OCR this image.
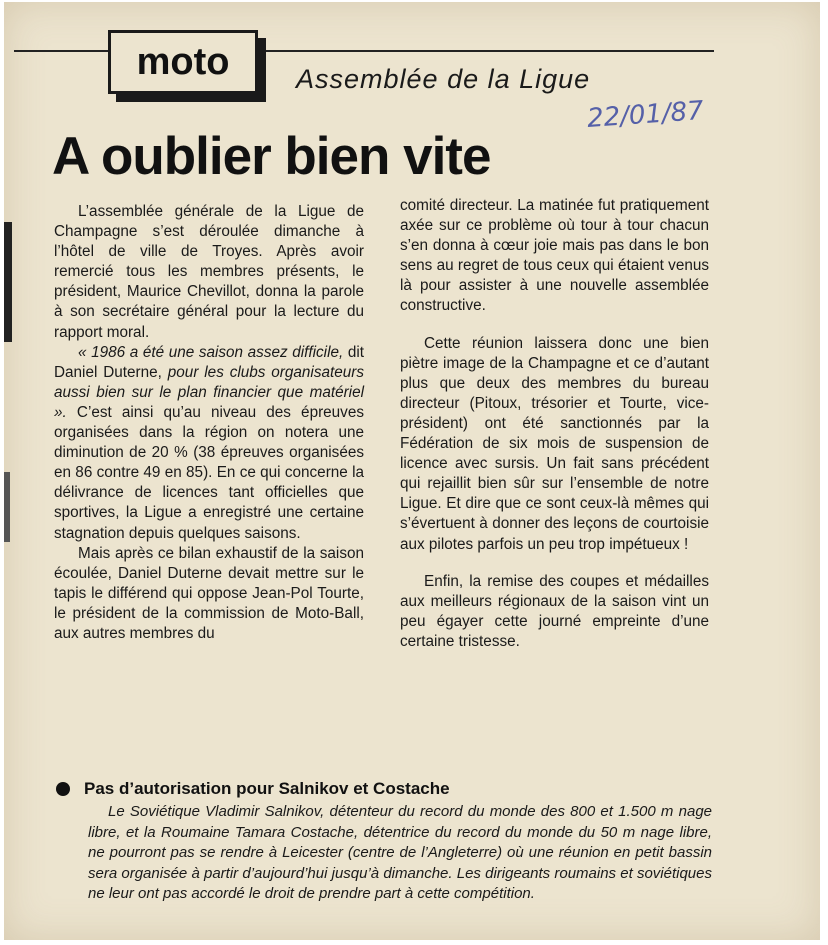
moto Assemblée de la Ligue
22/01/87
A oublier bien vite

L’assemblée générale de la Ligue de Champagne s’est déroulée dimanche à l’hôtel de ville de Troyes. Après avoir remercié tous les membres présents, le président, Maurice Chevillot, donna la parole à son secrétaire général pour la lecture du rapport moral.

« 1986 a été une saison assez difficile, dit Daniel Duterne, pour les clubs organisateurs aussi bien sur le plan financier que matériel ». C’est ainsi qu’au niveau des épreuves organisées dans la région on notera une diminution de 20 % (38 épreuves organisées en 86 contre 49 en 85). En ce qui concerne la délivrance de licences tant officielles que sportives, la Ligue a enregistré une certaine stagnation depuis quelques saisons.

Mais après ce bilan exhaustif de la saison écoulée, Daniel Duterne devait mettre sur le tapis le différend qui oppose Jean-Pol Tourte, le président de la commission de Moto-Ball, aux autres membres du

comité directeur. La matinée fut pratiquement axée sur ce problème où tour à tour chacun s’en donna à cœur joie mais pas dans le bon sens au regret de tous ceux qui étaient venus là pour assister à une nouvelle assemblée constructive.

Cette réunion laissera donc une bien piètre image de la Champagne et ce d’autant plus que deux des membres du bureau directeur (Pitoux, trésorier et Tourte, vice-président) ont été sanctionnés par la Fédération de six mois de suspension de licence avec sursis. Un fait sans précédent qui rejaillit bien sûr sur l’ensemble de notre Ligue. Et dire que ce sont ceux-là mêmes qui s’évertuent à donner des leçons de courtoisie aux pilotes parfois un peu trop impétueux !

Enfin, la remise des coupes et médailles aux meilleurs régionaux de la saison vint un peu égayer cette journé empreinte d’une certaine tristesse.

Pas d’autorisation pour Salnikov et Costache

Le Soviétique Vladimir Salnikov, détenteur du record du monde des 800 et 1.500 m nage libre, et la Roumaine Tamara Costache, détentrice du record du monde du 50 m nage libre, ne pourront pas se rendre à Leicester (centre de l’Angleterre) où une réunion en petit bassin sera organisée à partir d’aujourd’hui jusqu’à dimanche. Les dirigeants roumains et soviétiques ne leur ont pas accordé le droit de prendre part à cette compétition.
